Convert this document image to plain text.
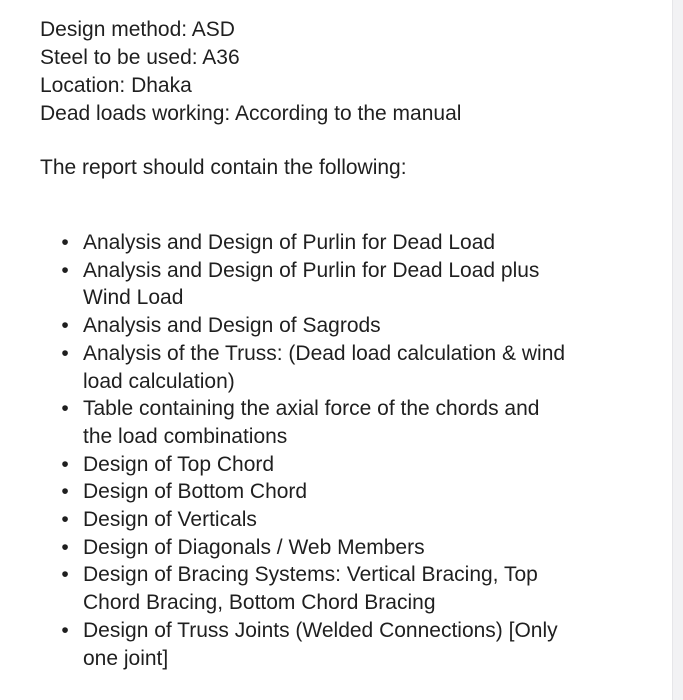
Design method: ASD
Steel to be used: A36
Location: Dhaka
Dead loads working: According to the manual
The report should contain the following:
• Analysis and Design of Purlin for Dead Load
• Analysis and Design of Purlin for Dead Load plus
Wind Load
• Analysis and Design of Sagrods
• Analysis of the Truss: (Dead load calculation & wind
load calculation)
• Table containing the axial force of the chords and
the load combinations
• Design of Top Chord
• Design of Bottom Chord
• Design of Verticals
• Design of Diagonals / Web Members
• Design of Bracing Systems: Vertical Bracing, Top
Chord Bracing, Bottom Chord Bracing
• Design of Truss Joints (Welded Connections) [Only
one joint]
